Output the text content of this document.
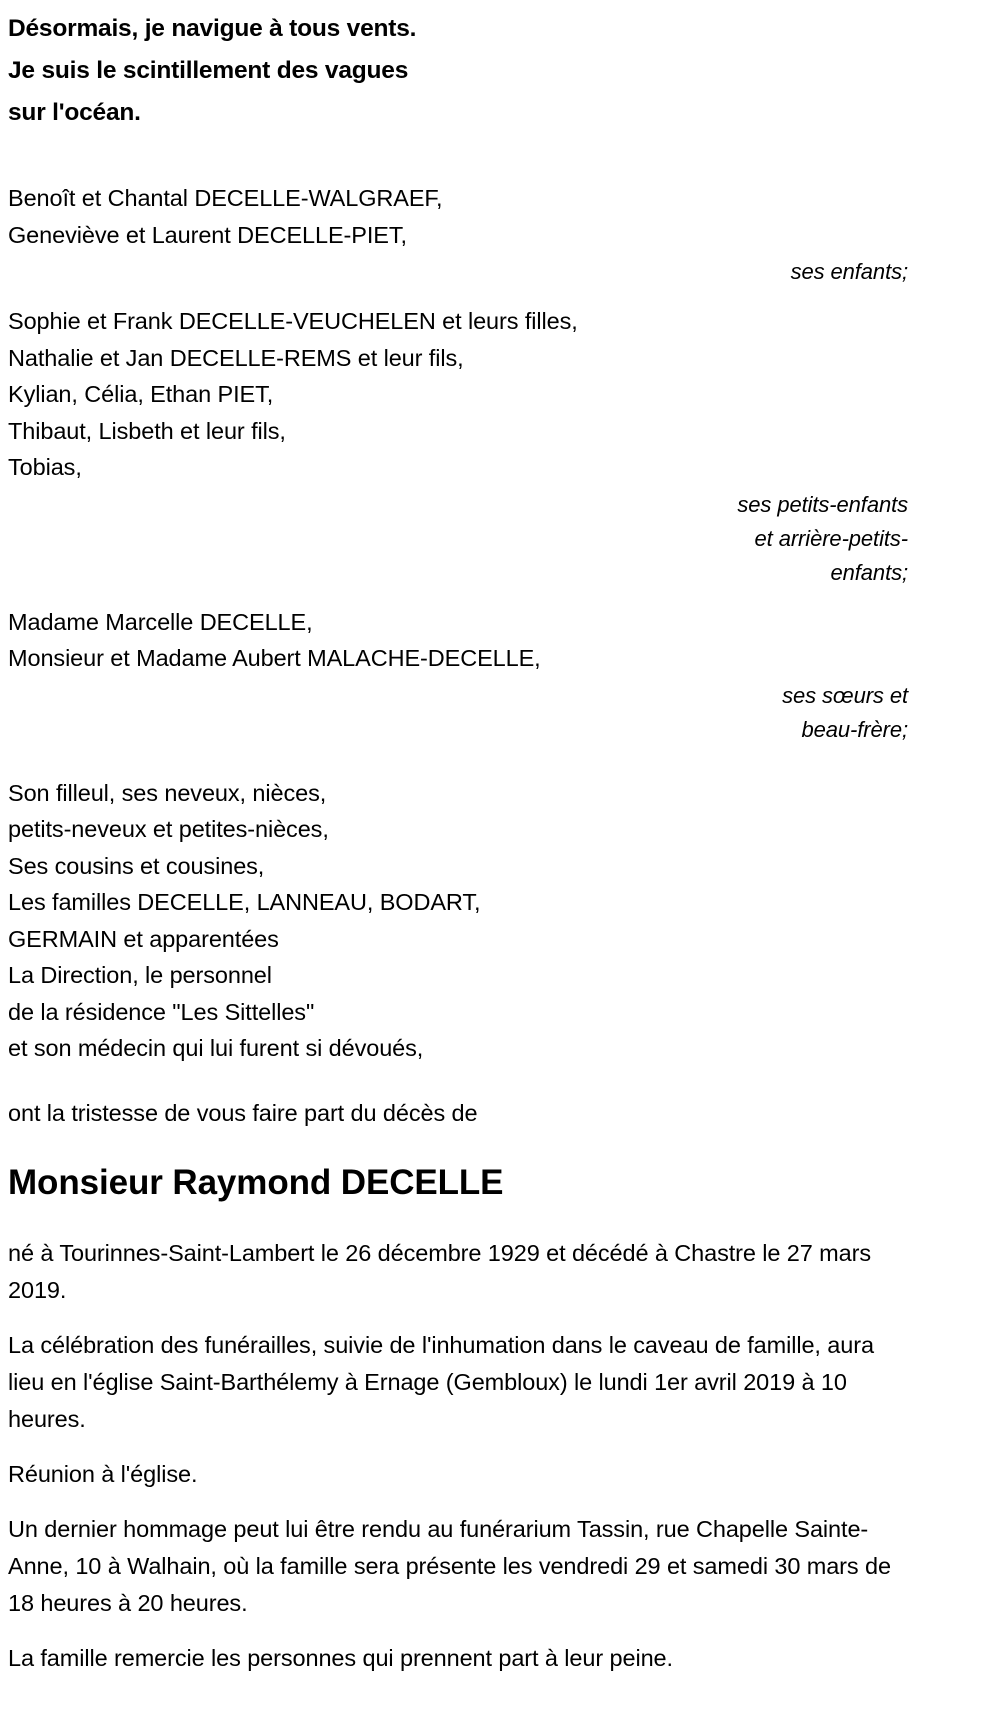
Désormais, je navigue à tous vents.
Je suis le scintillement des vagues
sur l'océan.
Benoît et Chantal DECELLE-WALGRAEF,
Geneviève et Laurent DECELLE-PIET,
ses enfants;
Sophie et Frank DECELLE-VEUCHELEN et leurs filles,
Nathalie et Jan DECELLE-REMS et leur fils,
Kylian, Célia, Ethan PIET,
Thibaut, Lisbeth et leur fils,
Tobias,
ses petits-enfants
et arrière-petits-
enfants;
Madame Marcelle DECELLE,
Monsieur et Madame Aubert MALACHE-DECELLE,
ses sœurs et
beau-frère;
Son filleul, ses neveux, nièces,
petits-neveux et petites-nièces,
Ses cousins et cousines,
Les familles DECELLE, LANNEAU, BODART,
GERMAIN et apparentées
La Direction, le personnel
de la résidence "Les Sittelles"
et son médecin qui lui furent si dévoués,
ont la tristesse de vous faire part du décès de
Monsieur Raymond DECELLE

né à Tourinnes-Saint-Lambert le 26 décembre 1929 et décédé à Chastre le 27 mars 2019.

La célébration des funérailles, suivie de l'inhumation dans le caveau de famille, aura lieu en l'église Saint-Barthélemy à Ernage (Gembloux) le lundi 1er avril 2019 à 10 heures.

Réunion à l'église.

Un dernier hommage peut lui être rendu au funérarium Tassin, rue Chapelle Sainte-Anne, 10 à Walhain, où la famille sera présente les vendredi 29 et samedi 30 mars de 18 heures à 20 heures.

La famille remercie les personnes qui prennent part à leur peine.
